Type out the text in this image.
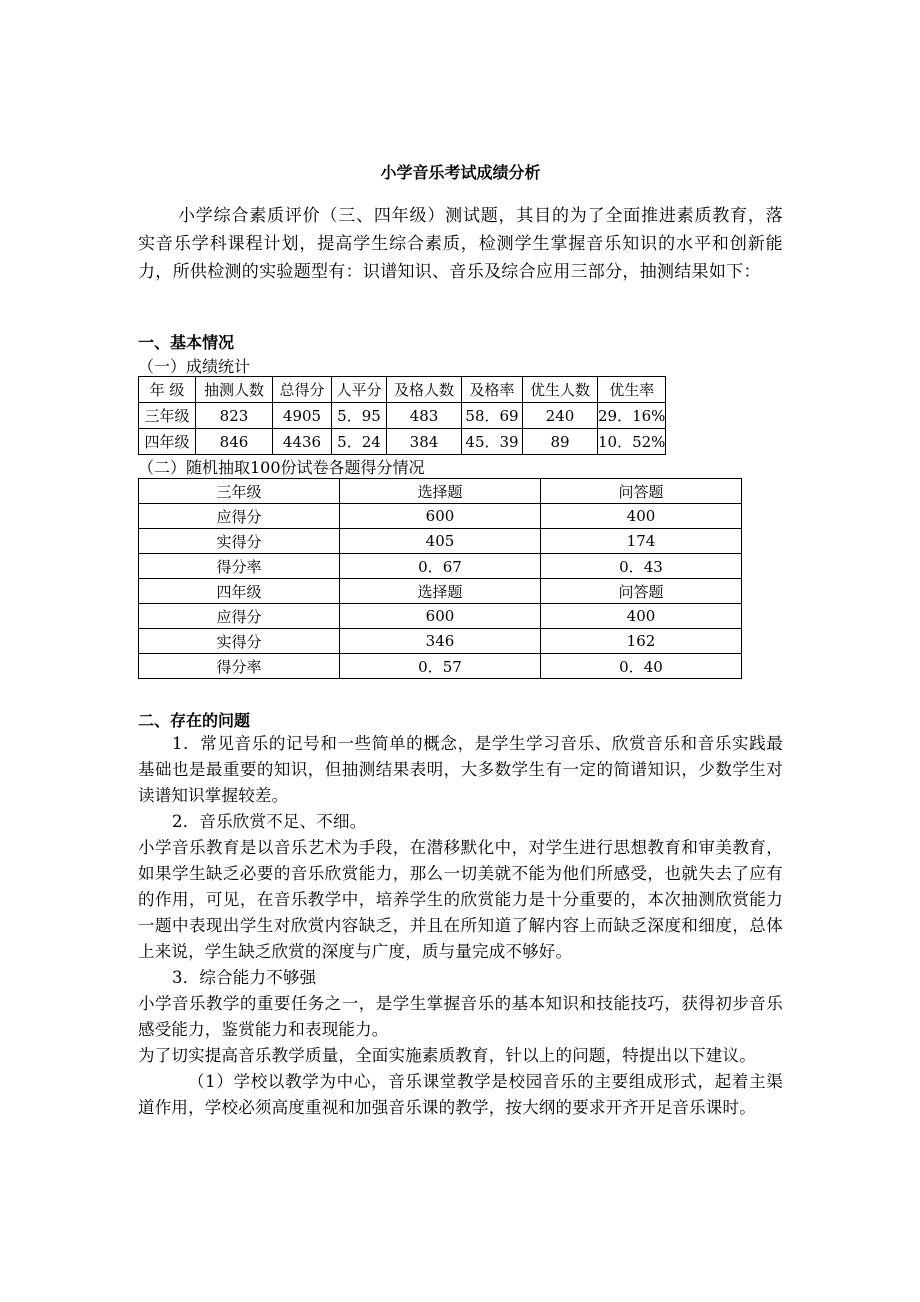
小学音乐考试成绩分析
小学综合素质评价（三、四年级）测试题，其目的为了全面推进素质教育，落实音乐学科课程计划，提高学生综合素质，检测学生掌握音乐知识的水平和创新能力，所供检测的实验题型有：识谱知识、音乐及综合应用三部分，抽测结果如下：
一、基本情况
（一）成绩统计
年 级	抽测人数	总得分	人平分	及格人数	及格率	优生人数	优生率
三年级	823	4905	5．95	483	58．69	240	29．16%
四年级	846	4436	5．24	384	45．39	89	10．52%
（二）随机抽取100份试卷各题得分情况
三年级	选择题	问答题
应得分	600	400
实得分	405	174
得分率	0．67	0．43
四年级	选择题	问答题
应得分	600	400
实得分	346	162
得分率	0．57	0．40
二、存在的问题
1．常见音乐的记号和一些简单的概念，是学生学习音乐、欣赏音乐和音乐实践最基础也是最重要的知识，但抽测结果表明，大多数学生有一定的简谱知识，少数学生对读谱知识掌握较差。
2．音乐欣赏不足、不细。
小学音乐教育是以音乐艺术为手段，在潜移默化中，对学生进行思想教育和审美教育，如果学生缺乏必要的音乐欣赏能力，那么一切美就不能为他们所感受，也就失去了应有的作用，可见，在音乐教学中，培养学生的欣赏能力是十分重要的，本次抽测欣赏能力一题中表现出学生对欣赏内容缺乏，并且在所知道了解内容上而缺乏深度和细度，总体上来说，学生缺乏欣赏的深度与广度，质与量完成不够好。
3．综合能力不够强
小学音乐教学的重要任务之一，是学生掌握音乐的基本知识和技能技巧，获得初步音乐感受能力，鉴赏能力和表现能力。
为了切实提高音乐教学质量，全面实施素质教育，针以上的问题，特提出以下建议。
（1）学校以教学为中心，音乐课堂教学是校园音乐的主要组成形式，起着主渠道作用，学校必须高度重视和加强音乐课的教学，按大纲的要求开齐开足音乐课时。
